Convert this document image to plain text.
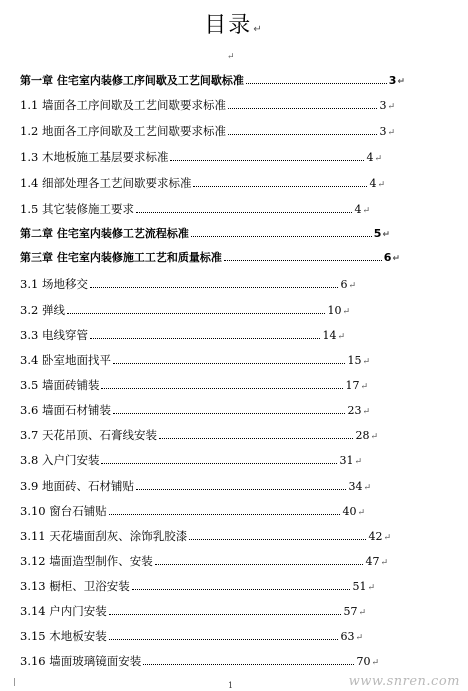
目录↵
↵
第一章 住宅室内装修工序间歇及工艺间歇标准	3 ↵
1.1 墙面各工序间歇及工艺间歇要求标准	3 ↵
1.2 地面各工序间歇及工艺间歇要求标准	3 ↵
1.3 木地板施工基层要求标准	4 ↵
1.4 细部处理各工艺间歇要求标准	4 ↵
1.5 其它装修施工要求	4 ↵
第二章 住宅室内装修工艺流程标准	5 ↵
第三章 住宅室内装修施工工艺和质量标准	6 ↵
3.1 场地移交	6 ↵
3.2 弹线	10 ↵
3.3 电线穿管	14 ↵
3.4 卧室地面找平	15 ↵
3.5 墙面砖铺装	17 ↵
3.6 墙面石材铺装	23 ↵
3.7 天花吊顶、石膏线安装	28 ↵
3.8 入户门安装	31 ↵
3.9 地面砖、石材铺贴	34 ↵
3.10 窗台石铺贴	40 ↵
3.11 天花墙面刮灰、涂饰乳胶漆	42 ↵
3.12 墙面造型制作、安装	47 ↵
3.13 橱柜、卫浴安装	51 ↵
3.14 户内门安装	57 ↵
3.15 木地板安装	63 ↵
3.16 墙面玻璃镜面安装	70 ↵
1	www.snren.com
